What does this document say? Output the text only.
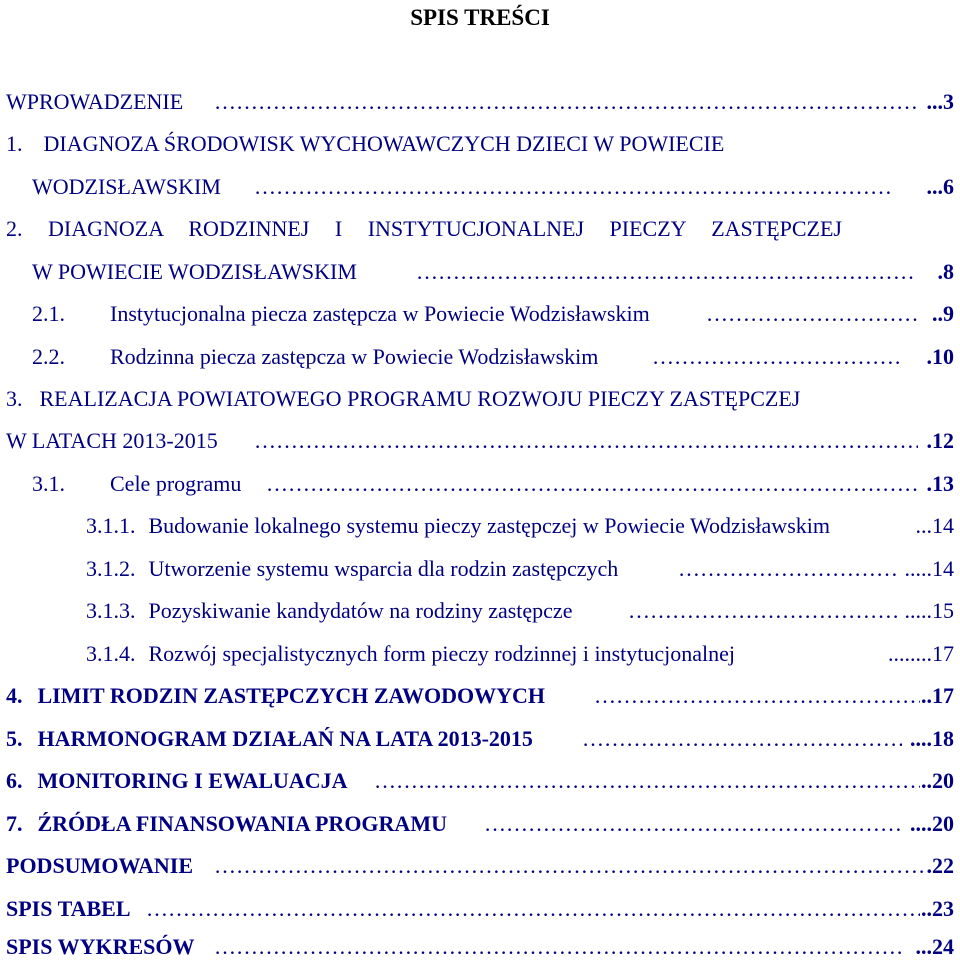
SPIS TREŚCI
WPROWADZENIE …………………………………………………………………………………………………………………………………………………………………………………………	...3
1. DIAGNOZA ŚRODOWISK WYCHOWAWCZYCH DZIECI W POWIECIE
WODZISŁAWSKIM …………………………………………………………………………………………………………………………………………………………………………………………	...6
2. DIAGNOZA RODZINNEJ I INSTYTUCJONALNEJ PIECZY ZASTĘPCZEJ
W POWIECIE WODZISŁAWSKIM …………………………………………………………………………………………………………………………………………………………………………………………	.8
2.1. Instytucjonalna piecza zastępcza w Powiecie Wodzisławskim …………………………………………………………………………………………………………………………………………………………………………………………	..9
2.2. Rodzinna piecza zastępcza w Powiecie Wodzisławskim …………………………………………………………………………………………………………………………………………………………………………………………	.10
3. REALIZACJA POWIATOWEGO PROGRAMU ROZWOJU PIECZY ZASTĘPCZEJ
W LATACH 2013-2015 …………………………………………………………………………………………………………………………………………………………………………………………	.12
3.1. Cele programu …………………………………………………………………………………………………………………………………………………………………………………………	.13
3.1.1. Budowanie lokalnego systemu pieczy zastępczej w Powiecie Wodzisławskim	...14
3.1.2. Utworzenie systemu wsparcia dla rodzin zastępczych …………………………………………………………………………………………………………………………………………………………………………………………	.....14
3.1.3. Pozyskiwanie kandydatów na rodziny zastępcze …………………………………………………………………………………………………………………………………………………………………………………………	.....15
3.1.4. Rozwój specjalistycznych form pieczy rodzinnej i instytucjonalnej	........17
4. LIMIT RODZIN ZASTĘPCZYCH ZAWODOWYCH …………………………………………………………………………………………………………………………………………………………………………………………	..17
5. HARMONOGRAM DZIAŁAŃ NA LATA 2013-2015 …………………………………………………………………………………………………………………………………………………………………………………………	....18
6. MONITORING I EWALUACJA …………………………………………………………………………………………………………………………………………………………………………………………	..20
7. ŹRÓDŁA FINANSOWANIA PROGRAMU …………………………………………………………………………………………………………………………………………………………………………………………	....20
PODSUMOWANIE …………………………………………………………………………………………………………………………………………………………………………………………	.22
SPIS TABEL …………………………………………………………………………………………………………………………………………………………………………………………	..23
SPIS WYKRESÓW …………………………………………………………………………………………………………………………………………………………………………………………	...24
